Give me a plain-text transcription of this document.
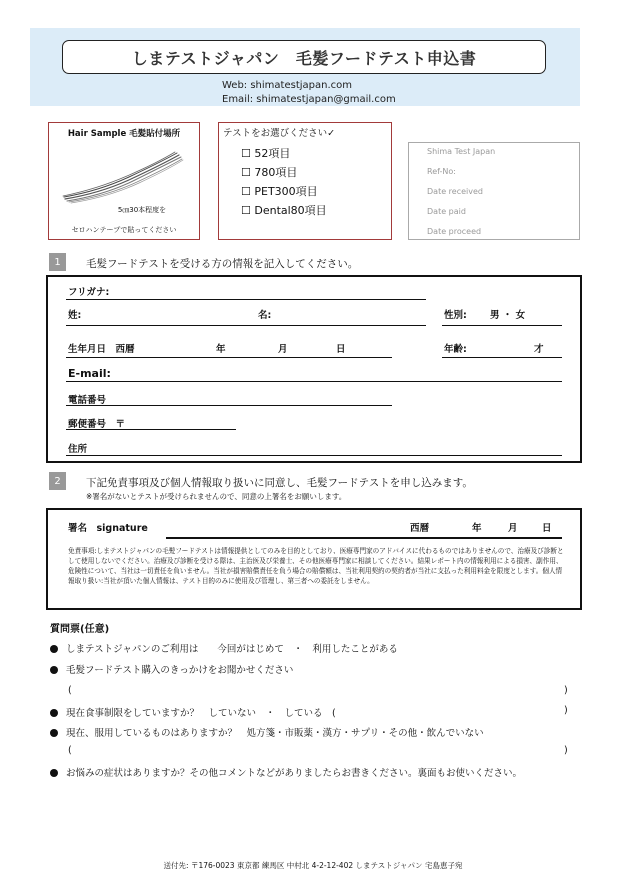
しまテストジャパン　毛髪フードテスト申込書
Web: shimatestjapan.com
Email: shimatestjapan@gmail.com
Hair Sample 毛髪貼付場所
5㎝30本程度を
セロハンテープで貼ってください
テストをお選びください✓
☐ 52項目
☐ 780項目
☐ PET300項目
☐ Dental80項目
Shima Test Japan
Ref-No:
Date received
Date paid
Date proceed
1	毛髪フードテストを受ける方の情報を記入してください。
フリガナ:
姓:	名:	性別: 男 ・ 女
生年月日　西暦	年	月	日	年齢:	才
E-mail:
電話番号
郵便番号　〒
住所
2	下記免責事項及び個人情報取り扱いに同意し、毛髪フードテストを申し込みます。
※署名がないとテストが受けられませんので、同意の上署名をお願いします。
署名　signature	西暦	年	月	日
免責事項:しまテストジャパンの毛髪フードテストは情報提供としてのみを目的としており、医療専門家のアドバイスに代わるものではありませんので、治療及び診断として使用しないでください。治療及び診断を受ける際は、主治医及び栄養士、その他医療専門家に相談してください。結果レポート内の情報利用による損害、副作用、危険性について、当社は一切責任を負いません。当社が損害賠償責任を負う場合の賠償額は、当社利用契約の契約者が当社に支払った利用料金を限度とします。個人情報取り扱い:当社が頂いた個人情報は、テスト目的のみに使用及び管理し、第三者への委託をしません。
質問票(任意)
しまテストジャパンのご利用は　　今回がはじめて　・　利用したことがある
毛髪フードテスト購入のきっかけをお聞かせください
(	)
現在食事制限をしていますか？　していない　・　している　(	)
現在、服用しているものはありますか？　処方箋・市販薬・漢方・サプリ・その他・飲んでいない
(	)
お悩みの症状はありますか？その他コメントなどがありましたらお書きください。裏面もお使いください。
送付先: 〒176-0023 東京都 練馬区 中村北 4-2-12-402 しまテストジャパン 宅島恵子宛
